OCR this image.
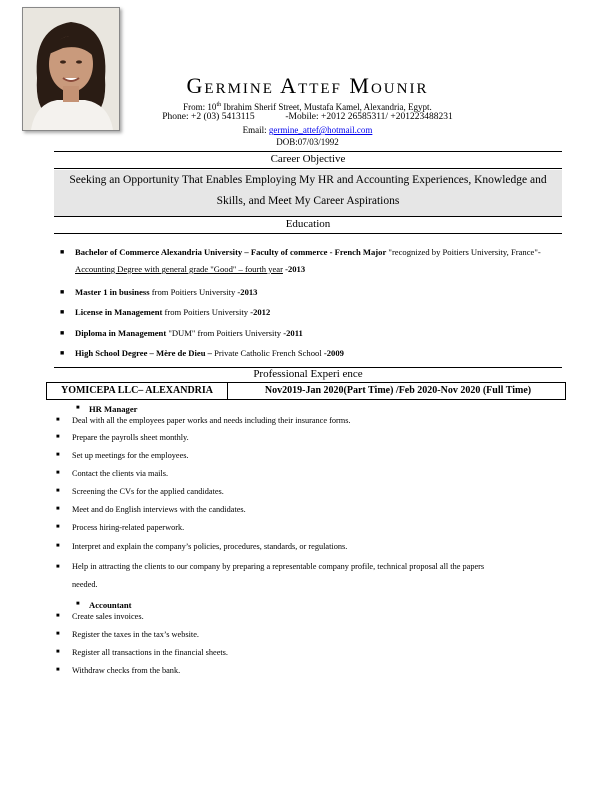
Germine Attef Mounir
From: 10th Ibrahim Sherif Street, Mustafa Kamel, Alexandria, Egypt.
Phone: +2 (03) 5413115	-Mobile: +2012 26585311/ +201223488231
Email: germine_attef@hotmail.com
DOB:07/03/1992
Career Objective
Seeking an Opportunity That Enables Employing My HR and Accounting Experiences, Knowledge and Skills, and Meet My Career Aspirations
Education
■ Bachelor of Commerce Alexandria University – Faculty of commerce - French Major "recognized by Poitiers University, France"- Accounting Degree with general grade "Good" – fourth year -2013
■ Master 1 in business from Poitiers University -2013
■ License in Management from Poitiers University -2012
■ Diploma in Management "DUM" from Poitiers University -2011
■ High School Degree – Mère de Dieu – Private Catholic French School -2009
Professional Experi ence
YOMICEPA LLC– ALEXANDRIA	Nov2019-Jan 2020(Part Time) /Feb 2020-Nov 2020 (Full Time)
■ HR Manager
■ Deal with all the employees paper works and needs including their insurance forms.
■ Prepare the payrolls sheet monthly.
■ Set up meetings for the employees.
■ Contact the clients via mails.
■ Screening the CVs for the applied candidates.
■ Meet and do English interviews with the candidates.
■ Process hiring-related paperwork.
■ Interpret and explain the company’s policies, procedures, standards, or regulations.
■ Help in attracting the clients to our company by preparing a representable company profile, technical proposal all the papers needed.
■ Accountant
■ Create sales invoices.
■ Register the taxes in the tax’s website.
■ Register all transactions in the financial sheets.
■ Withdraw checks from the bank.
